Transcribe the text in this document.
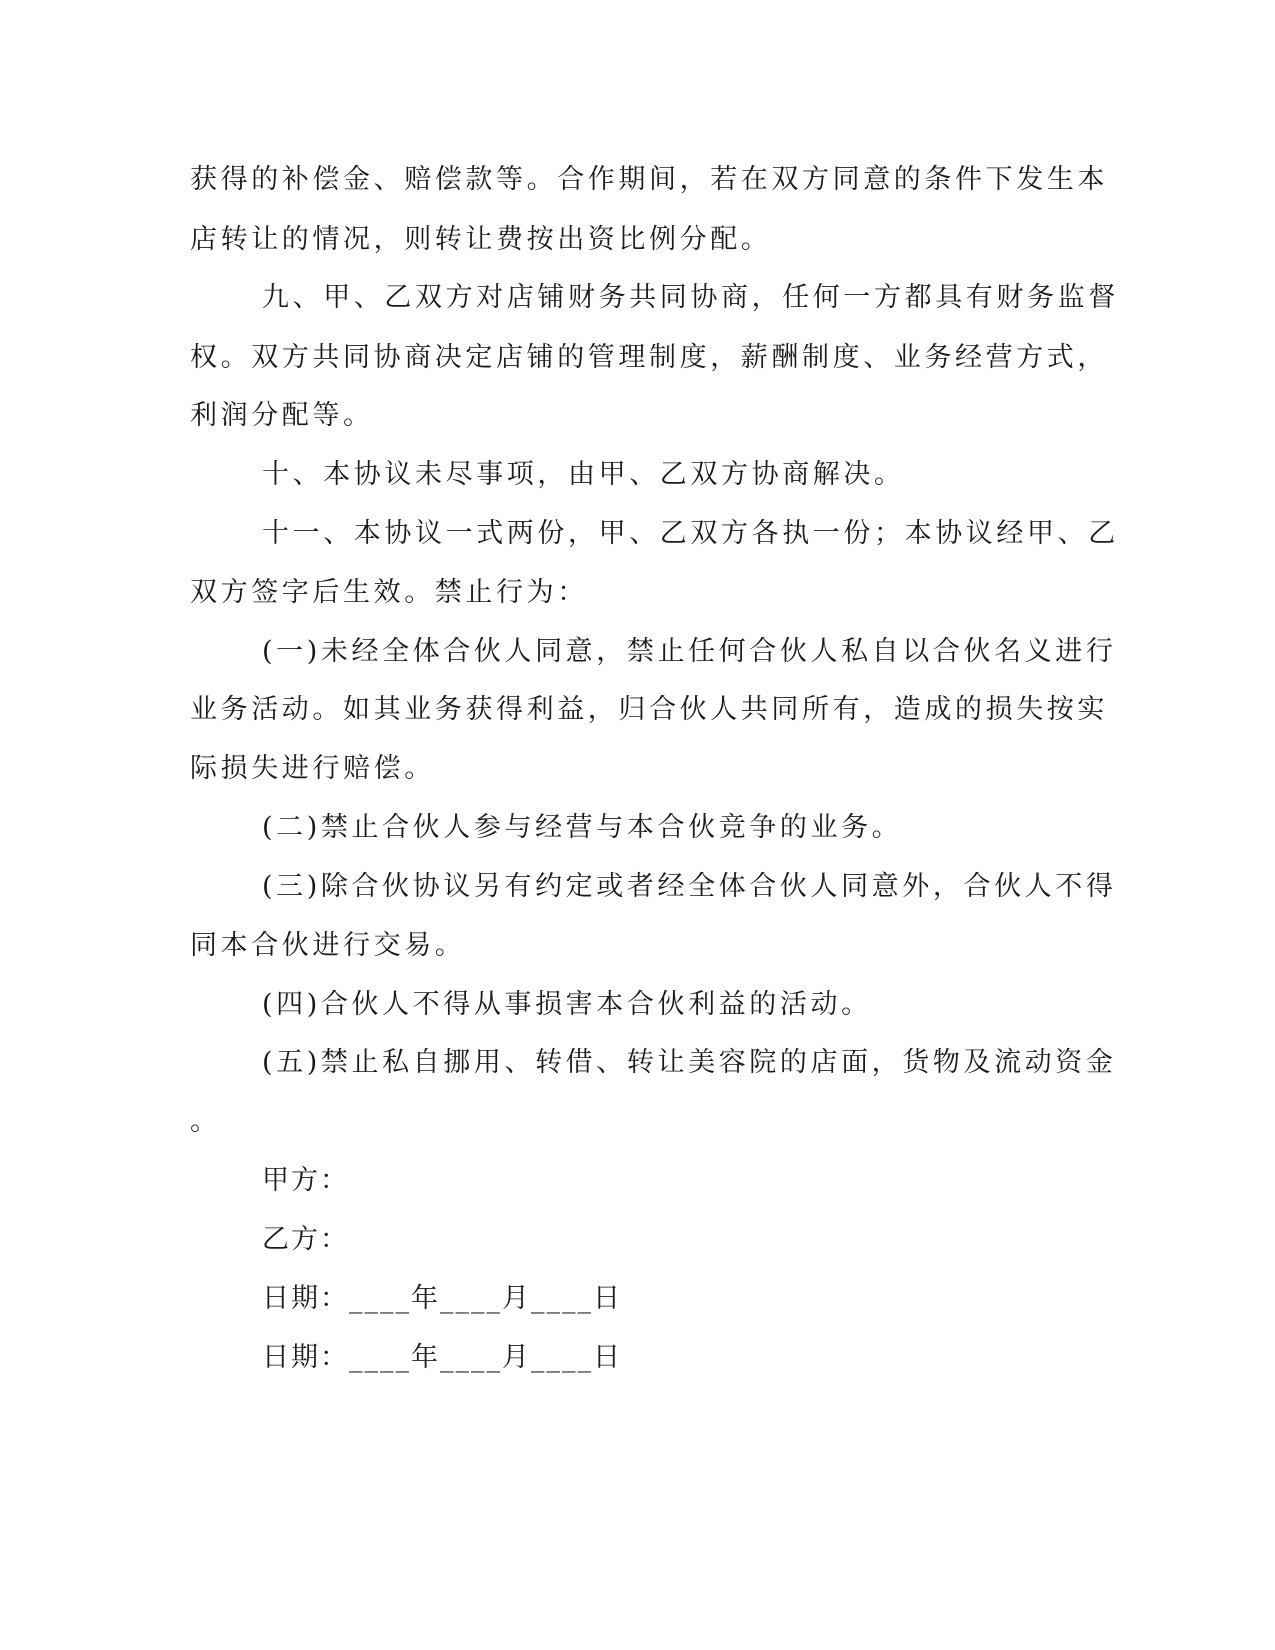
获得的补偿金、赔偿款等。合作期间，若在双方同意的条件下发生本
店转让的情况，则转让费按出资比例分配。
九、甲、乙双方对店铺财务共同协商，任何一方都具有财务监督
权。双方共同协商决定店铺的管理制度，薪酬制度、业务经营方式，
利润分配等。
十、本协议未尽事项，由甲、乙双方协商解决。
十一、本协议一式两份，甲、乙双方各执一份；本协议经甲、乙
双方签字后生效。禁止行为：
(一)未经全体合伙人同意，禁止任何合伙人私自以合伙名义进行
业务活动。如其业务获得利益，归合伙人共同所有，造成的损失按实
际损失进行赔偿。
(二)禁止合伙人参与经营与本合伙竞争的业务。
(三)除合伙协议另有约定或者经全体合伙人同意外，合伙人不得
同本合伙进行交易。
(四)合伙人不得从事损害本合伙利益的活动。
(五)禁止私自挪用、转借、转让美容院的店面，货物及流动资金
。
甲方：
乙方：
日期：____年____月____日
日期：____年____月____日
